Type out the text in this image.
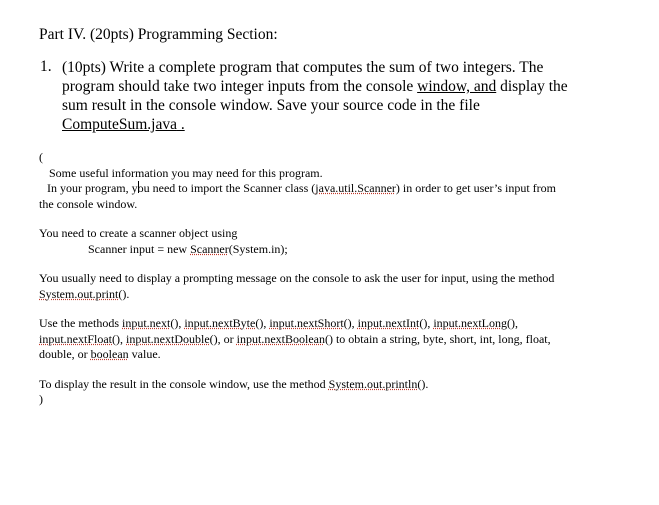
Part IV. (20pts) Programming Section:
1. (10pts) Write a complete program that computes the sum of two integers. The
program should take two integer inputs from the console window, and display the
sum result in the console window. Save your source code in the file
ComputeSum.java .
(
Some useful information you may need for this program.
In your program, you need to import the Scanner class (java.util.Scanner) in order to get user’s input from
the console window.
You need to create a scanner object using
Scanner input = new Scanner(System.in);
You usually need to display a prompting message on the console to ask the user for input, using the method
System.out.print().
Use the methods input.next(), input.nextByte(), input.nextShort(), input.nextInt(), input.nextLong(),
input.nextFloat(), input.nextDouble(), or input.nextBoolean() to obtain a string, byte, short, int, long, float,
double, or boolean value.
To display the result in the console window, use the method System.out.println().
)
